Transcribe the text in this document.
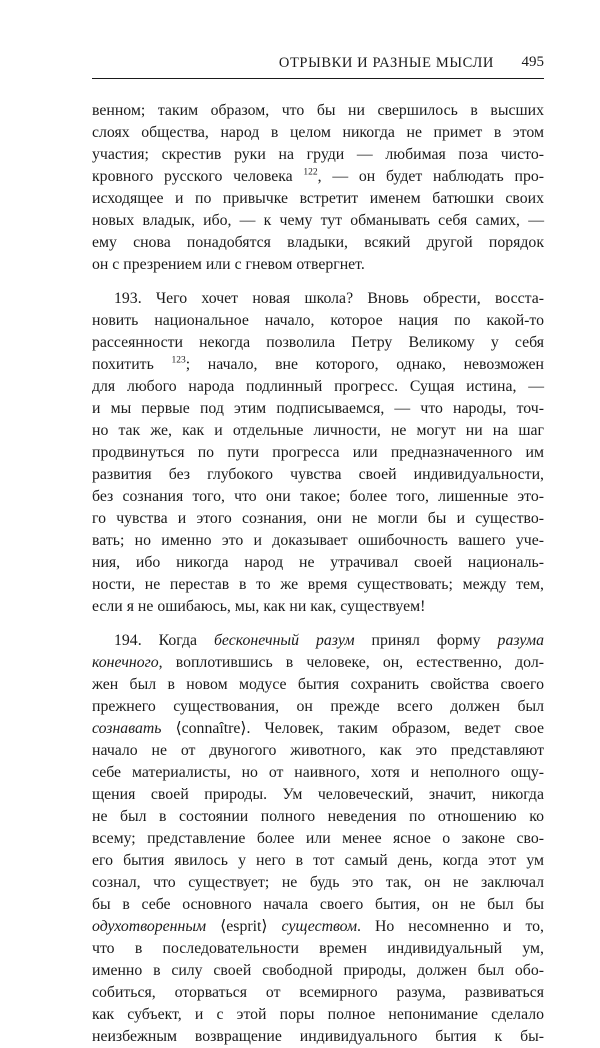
ОТРЫВКИ И РАЗНЫЕ МЫСЛИ 495
венном; таким образом, что бы ни свершилось в высших
слоях общества, народ в целом никогда не примет в этом
участия; скрестив руки на груди — любимая поза чисто-
кровного русского человека $^{122}$, — он будет наблюдать про-
исходящее и по привычке встретит именем батюшки своих
новых владык, ибо, — к чему тут обманывать себя самих, —
ему снова понадобятся владыки, всякий другой порядок
он с презрением или с гневом отвергнет.
193. Чего хочет новая школа? Вновь обрести, восста-
новить национальное начало, которое нация по какой-то
рассеянности некогда позволила Петру Великому у себя
похитить $^{123}$; начало, вне которого, однако, невозможен
для любого народа подлинный прогресс. Сущая истина, —
и мы первые под этим подписываемся, — что народы, точ-
но так же, как и отдельные личности, не могут ни на шаг
продвинуться по пути прогресса или предназначенного им
развития без глубокого чувства своей индивидуальности,
без сознания того, что они такое; более того, лишенные это-
го чувства и этого сознания, они не могли бы и существо-
вать; но именно это и доказывает ошибочность вашего уче-
ния, ибо никогда народ не утрачивал своей националь-
ности, не перестав в то же время существовать; между тем,
если я не ошибаюсь, мы, как ни как, существуем!
194. Когда бесконечный разум принял форму разума
конечного, воплотившись в человеке, он, естественно, дол-
жен был в новом модусе бытия сохранить свойства своего
прежнего существования, он прежде всего должен был
сознавать ⟨connaître⟩. Человек, таким образом, ведет свое
начало не от двуногого животного, как это представляют
себе материалисты, но от наивного, хотя и неполного ощу-
щения своей природы. Ум человеческий, значит, никогда
не был в состоянии полного неведения по отношению ко
всему; представление более или менее ясное о законе сво-
его бытия явилось у него в тот самый день, когда этот ум
сознал, что существует; не будь это так, он не заключал
бы в себе основного начала своего бытия, он не был бы
одухотворенным ⟨esprit⟩ существом. Но несомненно и то,
что в последовательности времен индивидуальный ум,
именно в силу своей свободной природы, должен был обо-
собиться, оторваться от всемирного разума, развиваться
как субъект, и с этой поры полное непонимание сделало
неизбежным возвращение индивидуального бытия к бы-
